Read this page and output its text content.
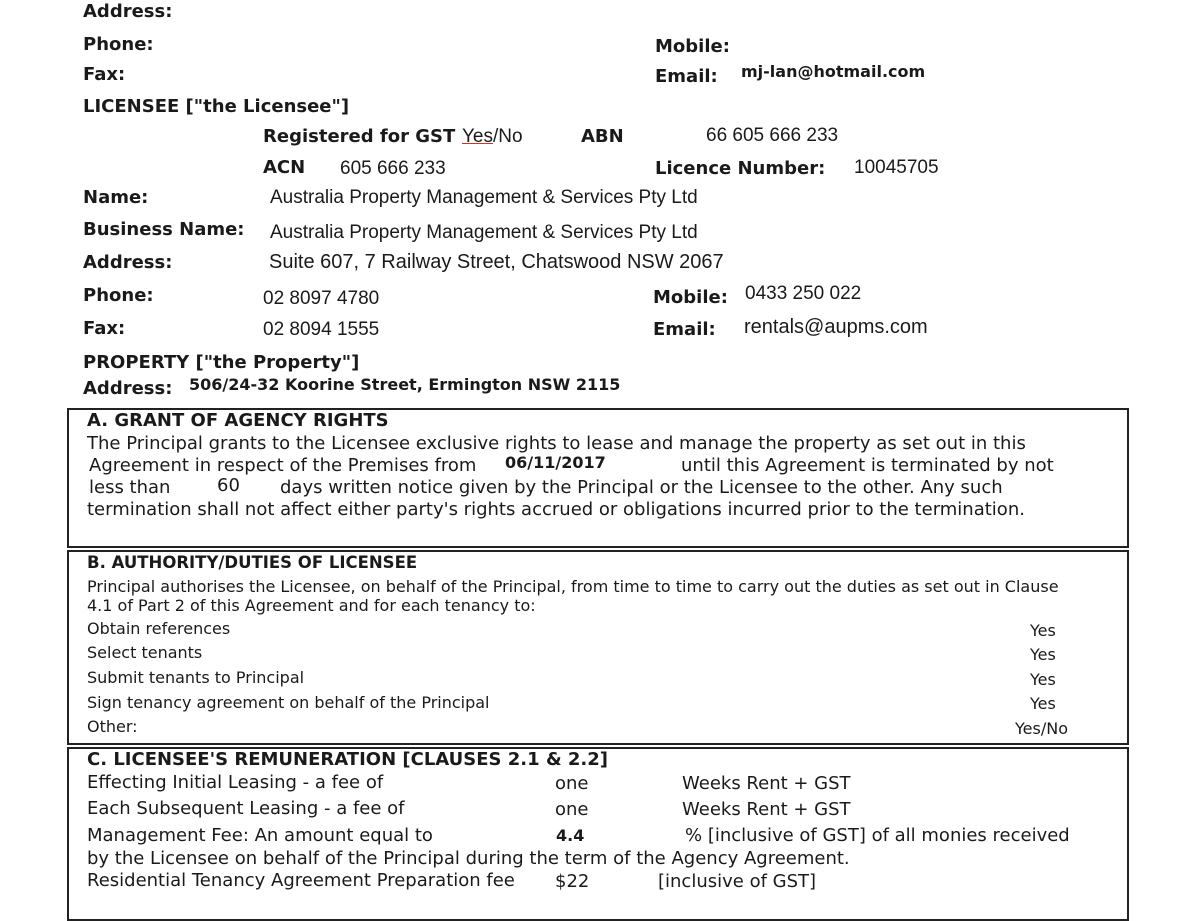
Address:
Phone:	Mobile:
Fax:	Email: mj-lan@hotmail.com
LICENSEE ["the Licensee"]
Registered for GST Yes/No	ABN	66 605 666 233
ACN 605 666 233	Licence Number: 10045705
Name:	Australia Property Management & Services Pty Ltd
Business Name: Australia Property Management & Services Pty Ltd
Address:	Suite 607, 7 Railway Street, Chatswood NSW 2067
Phone:	02 8097 4780	Mobile: 0433 250 022
Fax:	02 8094 1555	Email: rentals@aupms.com
PROPERTY ["the Property"]
Address: 506/24-32 Koorine Street, Ermington NSW 2115
A. GRANT OF AGENCY RIGHTS
The Principal grants to the Licensee exclusive rights to lease and manage the property as set out in this
Agreement in respect of the Premises from 06/11/2017	until this Agreement is terminated by not
less than	60 days written notice given by the Principal or the Licensee to the other. Any such
termination shall not affect either party's rights accrued or obligations incurred prior to the termination.
B. AUTHORITY/DUTIES OF LICENSEE
Principal authorises the Licensee, on behalf of the Principal, from time to time to carry out the duties as set out in Clause
4.1 of Part 2 of this Agreement and for each tenancy to:
Obtain references	Yes
Select tenants	Yes
Submit tenants to Principal	Yes
Sign tenancy agreement on behalf of the Principal	Yes
Other:	Yes/No
C. LICENSEE'S REMUNERATION [CLAUSES 2.1 & 2.2]
Effecting Initial Leasing - a fee of	one	Weeks Rent + GST
Each Subsequent Leasing - a fee of	one	Weeks Rent + GST
Management Fee: An amount equal to	4.4	% [inclusive of GST] of all monies received
by the Licensee on behalf of the Principal during the term of the Agency Agreement.
Residential Tenancy Agreement Preparation fee $22	[inclusive of GST]
